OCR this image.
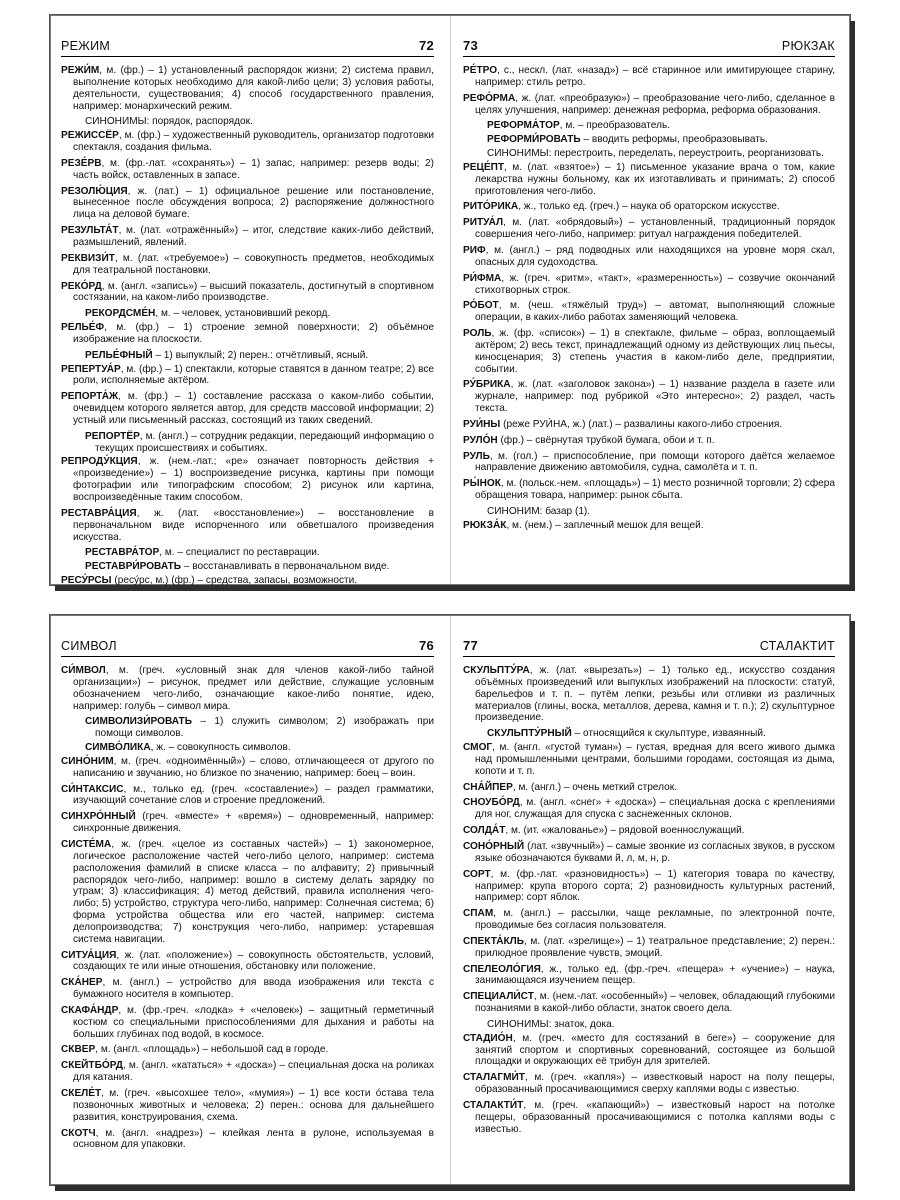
РЕЖИМ	72

РЕЖИ́М, м. (фр.) – 1) установленный распорядок жизни; 2) система правил, выполнение которых необходимо для какой-либо цели; 3) условия работы, деятельности, существования; 4) способ государственного правления, например: монархический режим.

СИНОНИМЫ: порядок, распорядок.

РЕЖИССЁР, м. (фр.) – художественный руководитель, организатор подготовки спектакля, создания фильма.

РЕЗЕ́РВ, м. (фр.-лат. «сохранять») – 1) запас, например: резерв воды; 2) часть войск, оставленных в запасе.

РЕЗОЛЮ́ЦИЯ, ж. (лат.) – 1) официальное решение или постановление, вынесенное после обсуждения вопроса; 2) распоряжение должностного лица на деловой бумаге.

РЕЗУЛЬТА́Т, м. (лат. «отражённый») – итог, следствие каких-либо действий, размышлений, явлений.

РЕКВИЗИ́Т, м. (лат. «требуемое») – совокупность предметов, необходимых для театральной постановки.

РЕКО́РД, м. (англ. «запись») – высший показатель, достигнутый в спортивном состязании, на каком-либо производстве.

РЕКОРДСМЕ́Н, м. – человек, установивший рекорд.

РЕЛЬЕ́Ф, м. (фр.) – 1) строение земной поверхности; 2) объёмное изображение на плоскости.

РЕЛЬЕ́ФНЫЙ – 1) выпуклый; 2) перен.: отчётливый, ясный.

РЕПЕРТУА́Р, м. (фр.) – 1) спектакли, которые ставятся в данном театре; 2) все роли, исполняемые актёром.

РЕПОРТА́Ж, м. (фр.) – 1) составление рассказа о каком-либо событии, очевидцем которого является автор, для средств массовой информации; 2) устный или письменный рассказ, состоящий из таких сведений.

РЕПОРТЁР, м. (англ.) – сотрудник редакции, передающий информацию о текущих происшествиях и событиях.

РЕПРОДУ́КЦИЯ, ж. (нем.-лат.; «ре» означает повторность действия + «произведение») – 1) воспроизведение рисунка, картины при помощи фотографии или типографским способом; 2) рисунок или картина, воспроизведённые таким способом.

РЕСТАВРА́ЦИЯ, ж. (лат. «восстановление») – восстановление в первоначальном виде испорченного или обветшалого произведения искусства.

РЕСТАВРА́ТОР, м. – специалист по реставрации.

РЕСТАВРИ́РОВАТЬ – восстанавливать в первоначальном виде.

РЕСУ́РСЫ (ресу́рс, м.) (фр.) – средства, запасы, возможности.

73	РЮКЗАК

РЕ́ТРО, с., нескл. (лат. «назад») – всё старинное или имитирующее старину, например: стиль ретро.

РЕФО́РМА, ж. (лат. «преобразую») – преобразование чего-либо, сделанное в целях улучшения, например: денежная реформа, реформа образования.

РЕФОРМА́ТОР, м. – преобразователь.

РЕФОРМИ́РОВАТЬ – вводить реформы, преобразовывать.

СИНОНИМЫ: перестроить, переделать, переустроить, реорганизовать.

РЕЦЕ́ПТ, м. (лат. «взятое») – 1) письменное указание врача о том, какие лекарства нужны больному, как их изготавливать и принимать; 2) способ приготовления чего-либо.

РИТО́РИКА, ж., только ед. (греч.) – наука об ораторском искусстве.

РИТУА́Л, м. (лат. «обрядовый») – установленный, традиционный порядок совершения чего-либо, например: ритуал награждения победителей.

РИФ, м. (англ.) – ряд подводных или находящихся на уровне моря скал, опасных для судоходства.

РИ́ФМА, ж. (греч. «ритм», «такт», «размеренность») – созвучие окончаний стихотворных строк.

РО́БОТ, м. (чеш. «тяжёлый труд») – автомат, выполняющий сложные операции, в каких-либо работах заменяющий человека.

РОЛЬ, ж. (фр. «список») – 1) в спектакле, фильме – образ, воплощаемый актёром; 2) весь текст, принадлежащий одному из действующих лиц пьесы, киносценария; 3) степень участия в каком-либо деле, предприятии, событии.

РУ́БРИКА, ж. (лат. «заголовок закона») – 1) название раздела в газете или журнале, например: под рубрикой «Это интересно»; 2) раздел, часть текста.

РУИ́НЫ (реже РУИ́НА, ж.) (лат.) – развалины какого-либо строения.

РУЛО́Н (фр.) – свёрнутая трубкой бумага, обои и т. п.

РУЛЬ, м. (гол.) – приспособление, при помощи которого даётся желаемое направление движению автомобиля, судна, самолёта и т. п.

РЫ́НОК, м. (польск.-нем. «площадь») – 1) место розничной торговли; 2) сфера обращения товара, например: рынок сбыта.

СИНОНИМ: базар (1).

РЮКЗА́К, м. (нем.) – заплечный мешок для вещей.

СИМВОЛ	76

СИ́МВОЛ, м. (греч. «условный знак для членов какой-либо тайной организации») – рисунок, предмет или действие, служащие условным обозначением чего-либо, означающие какое-либо понятие, идею, например: голубь – символ мира.

СИМВОЛИЗИ́РОВАТЬ – 1) служить символом; 2) изображать при помощи символов.

СИМВО́ЛИКА, ж. – совокупность символов.

СИНО́НИМ, м. (греч. «одноимённый») – слово, отличающееся от другого по написанию и звучанию, но близкое по значению, например: боец – воин.

СИ́НТАКСИС, м., только ед. (греч. «составление») – раздел грамматики, изучающий сочетание слов и строение предложений.

СИНХРО́ННЫЙ (греч. «вместе» + «время») – одновременный, например: синхронные движения.

СИСТЕ́МА, ж. (греч. «целое из составных частей») – 1) закономерное, логическое расположение частей чего-либо целого, например: система расположения фамилий в списке класса – по алфавиту; 2) привычный распорядок чего-либо, например: вошло в систему делать зарядку по утрам; 3) классификация; 4) метод действий, правила исполнения чего-либо; 5) устройство, структура чего-либо, например: Солнечная система; 6) форма устройства общества или его частей, например: система делопроизводства; 7) конструкция чего-либо, например: устаревшая система навигации.

СИТУА́ЦИЯ, ж. (лат. «положение») – совокупность обстоятельств, условий, создающих те или иные отношения, обстановку или положение.

СКА́НЕР, м. (англ.) – устройство для ввода изображения или текста с бумажного носителя в компьютер.

СКАФА́НДР, м. (фр.-греч. «лодка» + «человек») – защитный герметичный костюм со специальными приспособлениями для дыхания и работы на больших глубинах под водой, в космосе.

СКВЕР, м. (англ. «площадь») – небольшой сад в городе.

СКЕЙТБО́РД, м. (англ. «кататься» + «доска») – специальная доска на роликах для катания.

СКЕЛЕ́Т, м. (греч. «высохшее тело», «мумия») – 1) все кости о́става тела позвоночных животных и человека; 2) перен.: основа для дальнейшего развития, конструирования, схема.

СКОТЧ, м. (англ. «надрез») – клейкая лента в рулоне, используемая в основном для упаковки.

77	СТАЛАКТИТ

СКУЛЬПТУ́РА, ж. (лат. «вырезать») – 1) только ед., искусство создания объёмных произведений или выпуклых изображений на плоскости: статуй, барельефов и т. п. – путём лепки, резьбы или отливки из различных материалов (глины, воска, металлов, дерева, камня и т. п.); 2) скульптурное произведение.

СКУЛЬПТУ́РНЫЙ – относящийся к скульптуре, изваянный.

СМОГ, м. (англ. «густой туман») – густая, вредная для всего живого дымка над промышленными центрами, большими городами, состоящая из дыма, копоти и т. п.

СНА́ЙПЕР, м. (англ.) – очень меткий стрелок.

СНОУБО́РД, м. (англ. «снег» + «доска») – специальная доска с креплениями для ног, служащая для спуска с заснеженных склонов.

СОЛДА́Т, м. (ит. «жалованье») – рядовой военнослужащий.

СОНО́РНЫЙ (лат. «звучный») – самые звонкие из согласных звуков, в русском языке обозначаются буквами й, л, м, н, р.

СОРТ, м. (фр.-лат. «разновидность») – 1) категория товара по качеству, например: крупа второго сорта; 2) разновидность культурных растений, например: сорт яблок.

СПАМ, м. (англ.) – рассылки, чаще рекламные, по электронной почте, проводимые без согласия пользователя.

СПЕКТА́КЛЬ, м. (лат. «зрелище») – 1) театральное представление; 2) перен.: прилюдное проявление чувств, эмоций.

СПЕЛЕОЛО́ГИЯ, ж., только ед. (фр.-греч. «пещера» + «учение») – наука, занимающаяся изучением пещер.

СПЕЦИАЛИ́СТ, м. (нем.-лат. «особенный») – человек, обладающий глубокими познаниями в какой-либо области, знаток своего дела.

СИНОНИМЫ: знаток, дока.

СТАДИО́Н, м. (греч. «место для состязаний в беге») – сооружение для занятий спортом и спортивных соревнований, состоящее из большой площадки и окружающих её трибун для зрителей.

СТАЛАГМИ́Т, м. (греч. «капля») – известковый нарост на полу пещеры, образованный просачивающимися сверху каплями воды с известью.

СТАЛАКТИ́Т, м. (греч. «капающий») – известковый нарост на потолке пещеры, образованный просачивающимися с потолка каплями воды с известью.
